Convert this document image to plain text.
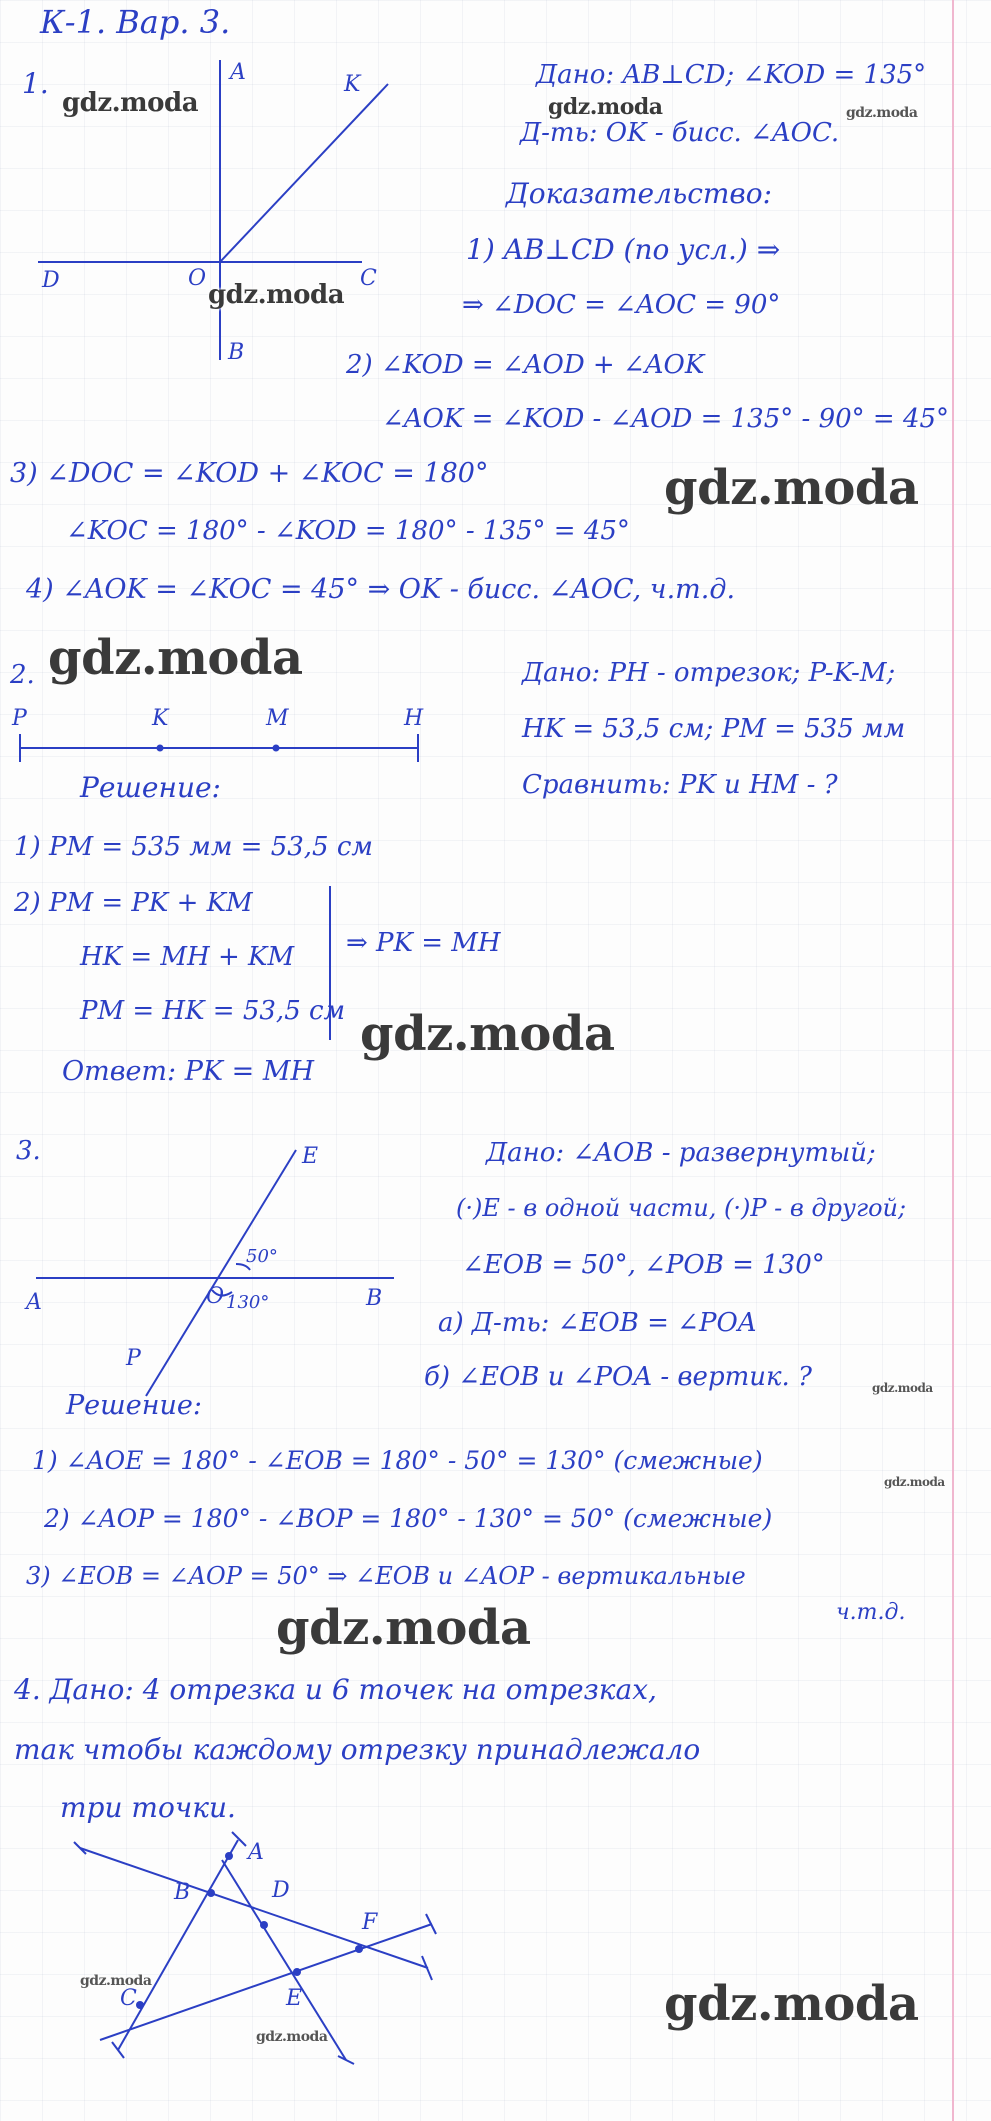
К-1. Вар. 3.
1.	A	K
D	O	C
B
Дано: AB⊥CD; ∠KOD = 135°
Д-ть: OK - бисс. ∠AOC.
Доказательство:
1) AB⊥CD (по усл.) ⇒
⇒ ∠DOC = ∠AOC = 90°
2) ∠KOD = ∠AOD + ∠AOK
∠AOK = ∠KOD - ∠AOD = 135° - 90° = 45°
3) ∠DOC = ∠KOD + ∠KOC = 180°
∠KOC = 180° - ∠KOD = 180° - 135° = 45°
4) ∠AOK = ∠KOC = 45° ⇒ OK - бисс. ∠AOC, ч.т.д.
2.
P	K	M	H
Дано: PH - отрезок; P-K-M;
HK = 53,5 см; PM = 535 мм
Сравнить: PK и HM - ?
Решение:
1) PM = 535 мм = 53,5 см
2) PM = PK + KM
HK = MH + KM
PM = HK = 53,5 см
⇒ PK = MH
Ответ: PK = MH
3.	E
A	O	B
P
50°
130°
Дано: ∠AOB - развернутый;
(·)E - в одной части, (·)P - в другой;
∠EOB = 50°, ∠POB = 130°
а) Д-ть: ∠EOB = ∠POA
б) ∠EOB и ∠POA - вертик. ?
Решение:
1) ∠AOE = 180° - ∠EOB = 180° - 50° = 130° (смежные)
2) ∠AOP = 180° - ∠BOP = 180° - 130° = 50° (смежные)
3) ∠EOB = ∠AOP = 50° ⇒ ∠EOB и ∠AOP - вертикальные
ч.т.д.
4. Дано: 4 отрезка и 6 точек на отрезках,
так чтобы каждому отрезку принадлежало
три точки.
A
B	D
F
E
C
gdz.moda	gdz.moda	gdz.moda
gdz.moda
gdz.moda
gdz.moda
gdz.moda
gdz.moda
gdz.moda
gdz.moda
gdz.moda
gdz.moda
gdz.moda
